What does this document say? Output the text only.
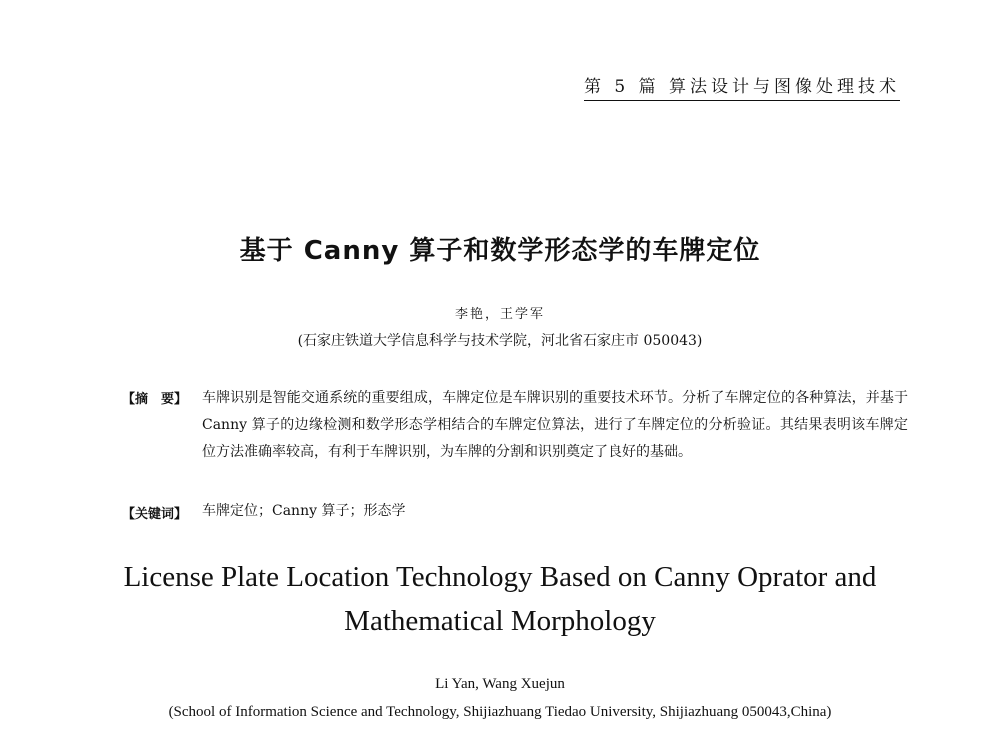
第 5 篇 算法设计与图像处理技术
基于 Canny 算子和数学形态学的车牌定位
李艳，王学军
(石家庄铁道大学信息科学与技术学院，河北省石家庄市 050043)
【摘　要】 车牌识别是智能交通系统的重要组成，车牌定位是车牌识别的重要技术环节。分析了车牌定位的各种算法，并基于 Canny 算子的边缘检测和数学形态学相结合的车牌定位算法，进行了车牌定位的分析验证。其结果表明该车牌定位方法准确率较高，有利于车牌识别，为车牌的分割和识别奠定了良好的基础。
【关键词】 车牌定位；Canny 算子；形态学
License Plate Location Technology Based on Canny Oprator and Mathematical Morphology
Li Yan, Wang Xuejun
(School of Information Science and Technology, Shijiazhuang Tiedao University, Shijiazhuang 050043,China)
